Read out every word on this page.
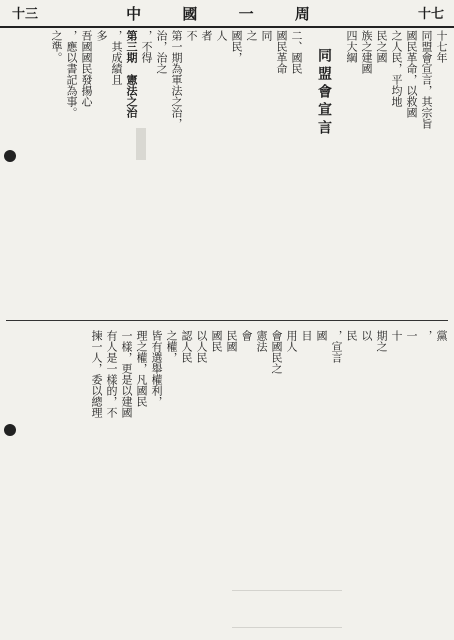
十三	中 國 一 周	十七
十七年
同盟會宣言，其宗旨
國民革命，以救國
之人民，平均地
民之國
族之建國
四大綱
同盟會宣言
二、國民
國民革命
同
之
國民，
人
者
不
第一期為軍法之治，
治，治之
，不得
第三期　憲法之治
，其成績且
多
吾國國民發揚心
，應以書記為事。
之準。
黨
，
一
十
期之
以
民
，宣言
國
目
用人
會國民之
憲法
會
民國
國民
以人民
認人民
之權，
皆有選舉權利，
理之權，凡國民
一樣，更是以建國
有人是一樣的，不
揀一人，委以總理
